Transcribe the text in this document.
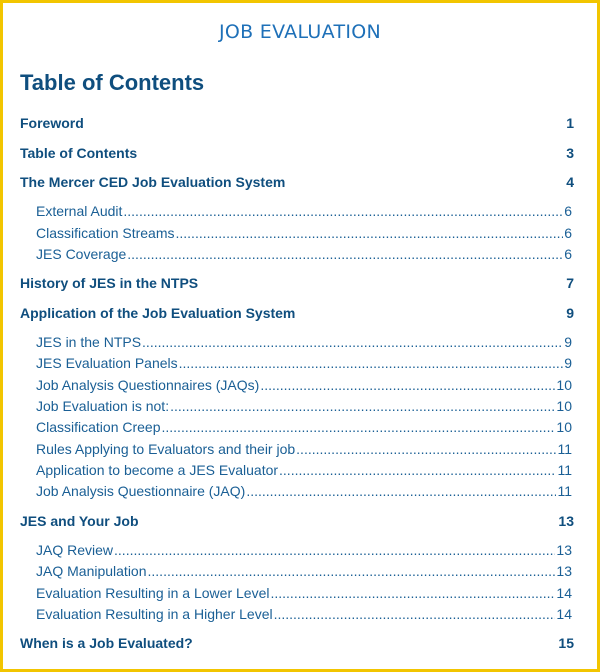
JOB EVALUATION
Table of Contents
Foreword	1
Table of Contents	3
The Mercer CED Job Evaluation System	4
External Audit .....	6
Classification Streams .....	6
JES Coverage .....	6
History of JES in the NTPS	7
Application of the Job Evaluation System	9
JES in the NTPS .....	9
JES Evaluation Panels .....	9
Job Analysis Questionnaires (JAQs) .....	10
Job Evaluation is not: .....	10
Classification Creep .....	10
Rules Applying to Evaluators and their job .....	11
Application to become a JES Evaluator .....	11
Job Analysis Questionnaire (JAQ) .....	11
JES and Your Job	13
JAQ Review .....	13
JAQ Manipulation .....	13
Evaluation Resulting in a Lower Level .....	14
Evaluation Resulting in a Higher Level .....	14
When is a Job Evaluated?	15
